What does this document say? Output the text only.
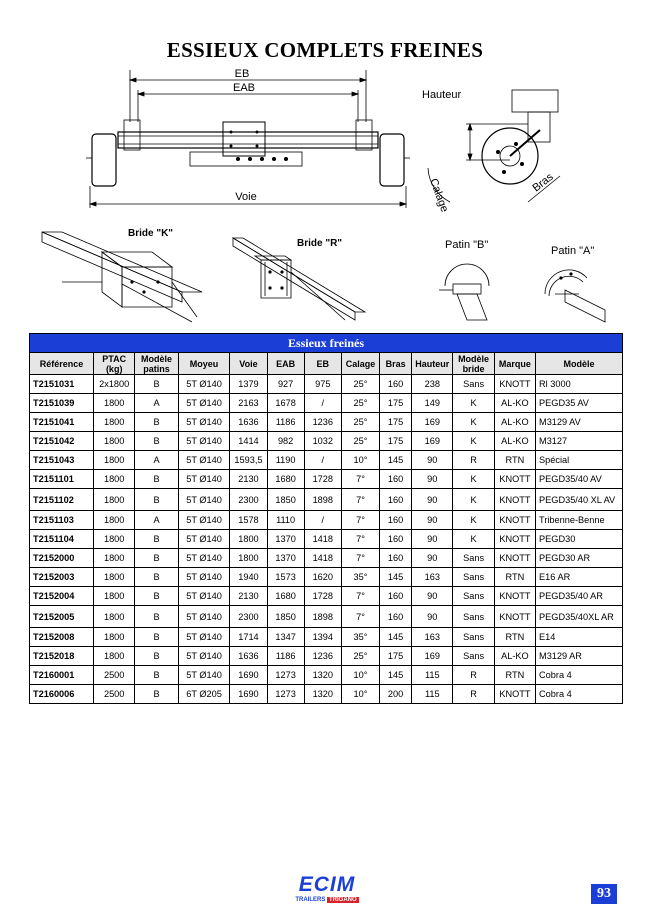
ESSIEUX COMPLETS FREINES
EB
EAB
Voie
Hauteur
Calage	Bras
Bride "K"
Bride "R"	Patin "B"	Patin "A"
Essieux freinés												
Référence	PTAC (kg)	Modèle patins	Moyeu	Voie	EAB	EB	Calage	Bras	Hauteur	Modèle bride	Marque	Modèle
T2151031	2x1800	B	5T Ø140	1379	927	975	25°	160	238	Sans	KNOTT	Rl 3000
T2151039	1800	A	5T Ø140	2163	1678	/	25°	175	149	K	AL-KO	PEGD35 AV
T2151041	1800	B	5T Ø140	1636	1186	1236	25°	175	169	K	AL-KO	M3129 AV
T2151042	1800	B	5T Ø140	1414	982	1032	25°	175	169	K	AL-KO	M3127
T2151043	1800	A	5T Ø140	1593,5	1190	/	10°	145	90	R	RTN	Spécial
T2151101	1800	B	5T Ø140	2130	1680	1728	7°	160	90	K	KNOTT	PEGD35/40 AV
T2151102	1800	B	5T Ø140	2300	1850	1898	7°	160	90	K	KNOTT	PEGD35/40 XL AV
T2151103	1800	A	5T Ø140	1578	1110	/	7°	160	90	K	KNOTT	Tribenne-Benne
T2151104	1800	B	5T Ø140	1800	1370	1418	7°	160	90	K	KNOTT	PEGD30
T2152000	1800	B	5T Ø140	1800	1370	1418	7°	160	90	Sans	KNOTT	PEGD30 AR
T2152003	1800	B	5T Ø140	1940	1573	1620	35°	145	163	Sans	RTN	E16 AR
T2152004	1800	B	5T Ø140	2130	1680	1728	7°	160	90	Sans	KNOTT	PEGD35/40 AR
T2152005	1800	B	5T Ø140	2300	1850	1898	7°	160	90	Sans	KNOTT	PEGD35/40XL AR
T2152008	1800	B	5T Ø140	1714	1347	1394	35°	145	163	Sans	RTN	E14
T2152018	1800	B	5T Ø140	1636	1186	1236	25°	175	169	Sans	AL-KO	M3129 AR
T2160001	2500	B	5T Ø140	1690	1273	1320	10°	145	115	R	RTN	Cobra 4
T2160006	2500	B	6T Ø205	1690	1273	1320	10°	200	115	R	KNOTT	Cobra 4
ECIM
TRAILERS TRIGANO	93
